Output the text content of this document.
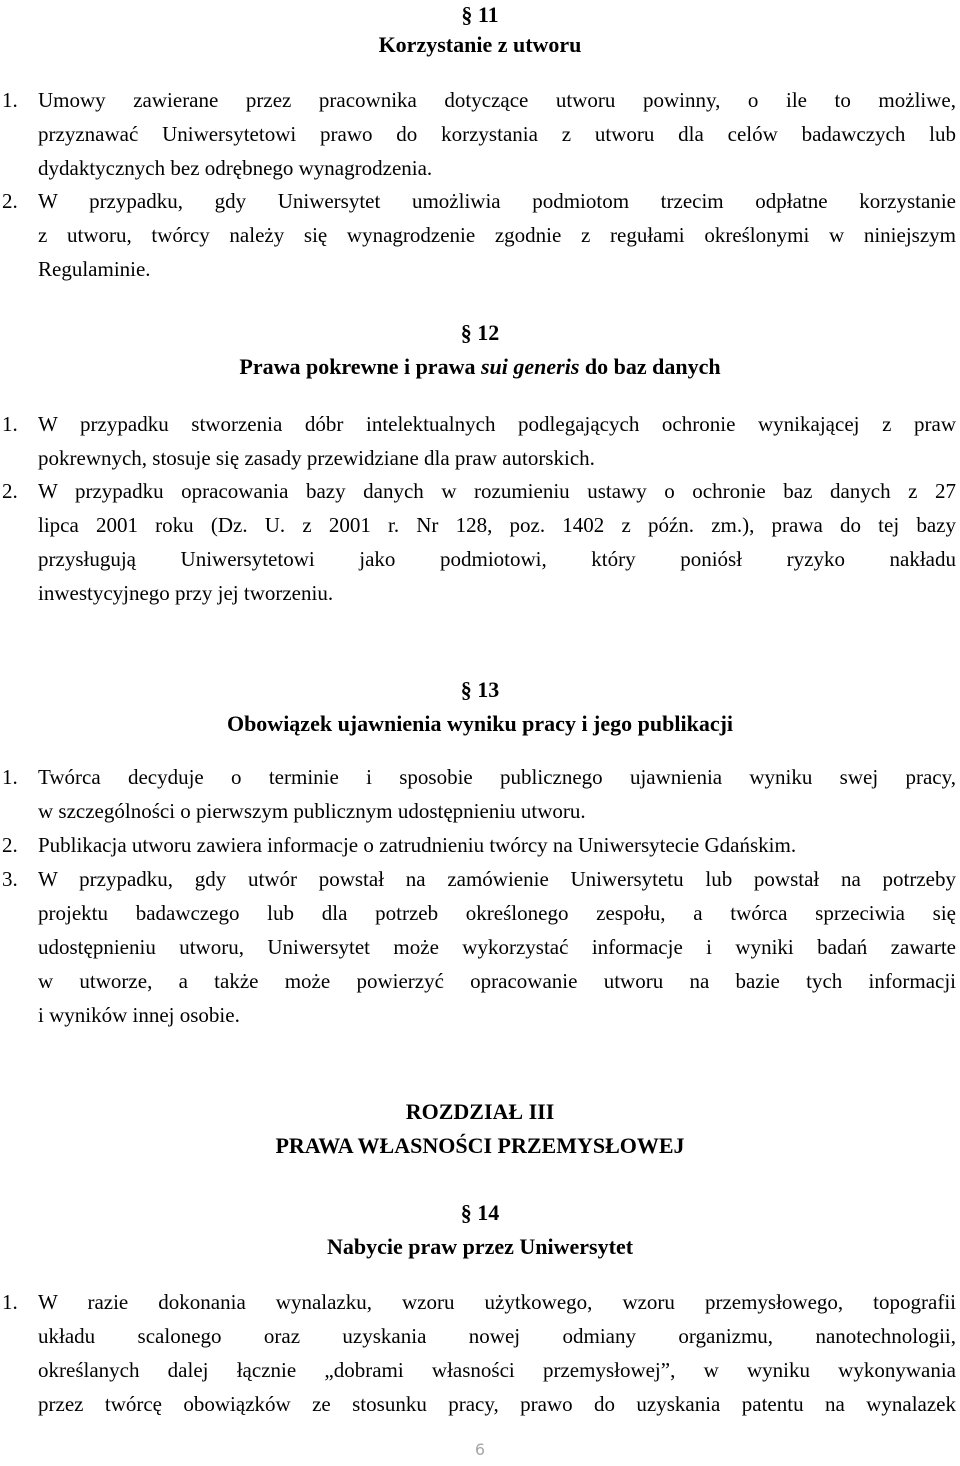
§ 11
Korzystanie z utworu
1. Umowy zawierane przez pracownika dotyczące utworu powinny, o ile to możliwe,
przyznawać Uniwersytetowi prawo do korzystania z utworu dla celów badawczych lub
dydaktycznych bez odrębnego wynagrodzenia.
2. W przypadku, gdy Uniwersytet umożliwia podmiotom trzecim odpłatne korzystanie
z utworu, twórcy należy się wynagrodzenie zgodnie z regułami określonymi w niniejszym
Regulaminie.
§ 12
Prawa pokrewne i prawa sui generis do baz danych
1. W przypadku stworzenia dóbr intelektualnych podlegających ochronie wynikającej z praw
pokrewnych, stosuje się zasady przewidziane dla praw autorskich.
2. W przypadku opracowania bazy danych w rozumieniu ustawy o ochronie baz danych z 27
lipca 2001 roku (Dz. U. z 2001 r. Nr 128, poz. 1402 z późn. zm.), prawa do tej bazy
przysługują Uniwersytetowi jako podmiotowi, który poniósł ryzyko nakładu
inwestycyjnego przy jej tworzeniu.
§ 13
Obowiązek ujawnienia wyniku pracy i jego publikacji
1. Twórca decyduje o terminie i sposobie publicznego ujawnienia wyniku swej pracy,
w szczególności o pierwszym publicznym udostępnieniu utworu.
2. Publikacja utworu zawiera informacje o zatrudnieniu twórcy na Uniwersytecie Gdańskim.
3. W przypadku, gdy utwór powstał na zamówienie Uniwersytetu lub powstał na potrzeby
projektu badawczego lub dla potrzeb określonego zespołu, a twórca sprzeciwia się
udostępnieniu utworu, Uniwersytet może wykorzystać informacje i wyniki badań zawarte
w utworze, a także może powierzyć opracowanie utworu na bazie tych informacji
i wyników innej osobie.
ROZDZIAŁ III
PRAWA WŁASNOŚCI PRZEMYSŁOWEJ
§ 14
Nabycie praw przez Uniwersytet
1. W razie dokonania wynalazku, wzoru użytkowego, wzoru przemysłowego, topografii
układu scalonego oraz uzyskania nowej odmiany organizmu, nanotechnologii,
określanych dalej łącznie „dobrami własności przemysłowej”, w wyniku wykonywania
przez twórcę obowiązków ze stosunku pracy, prawo do uzyskania patentu na wynalazek
6
